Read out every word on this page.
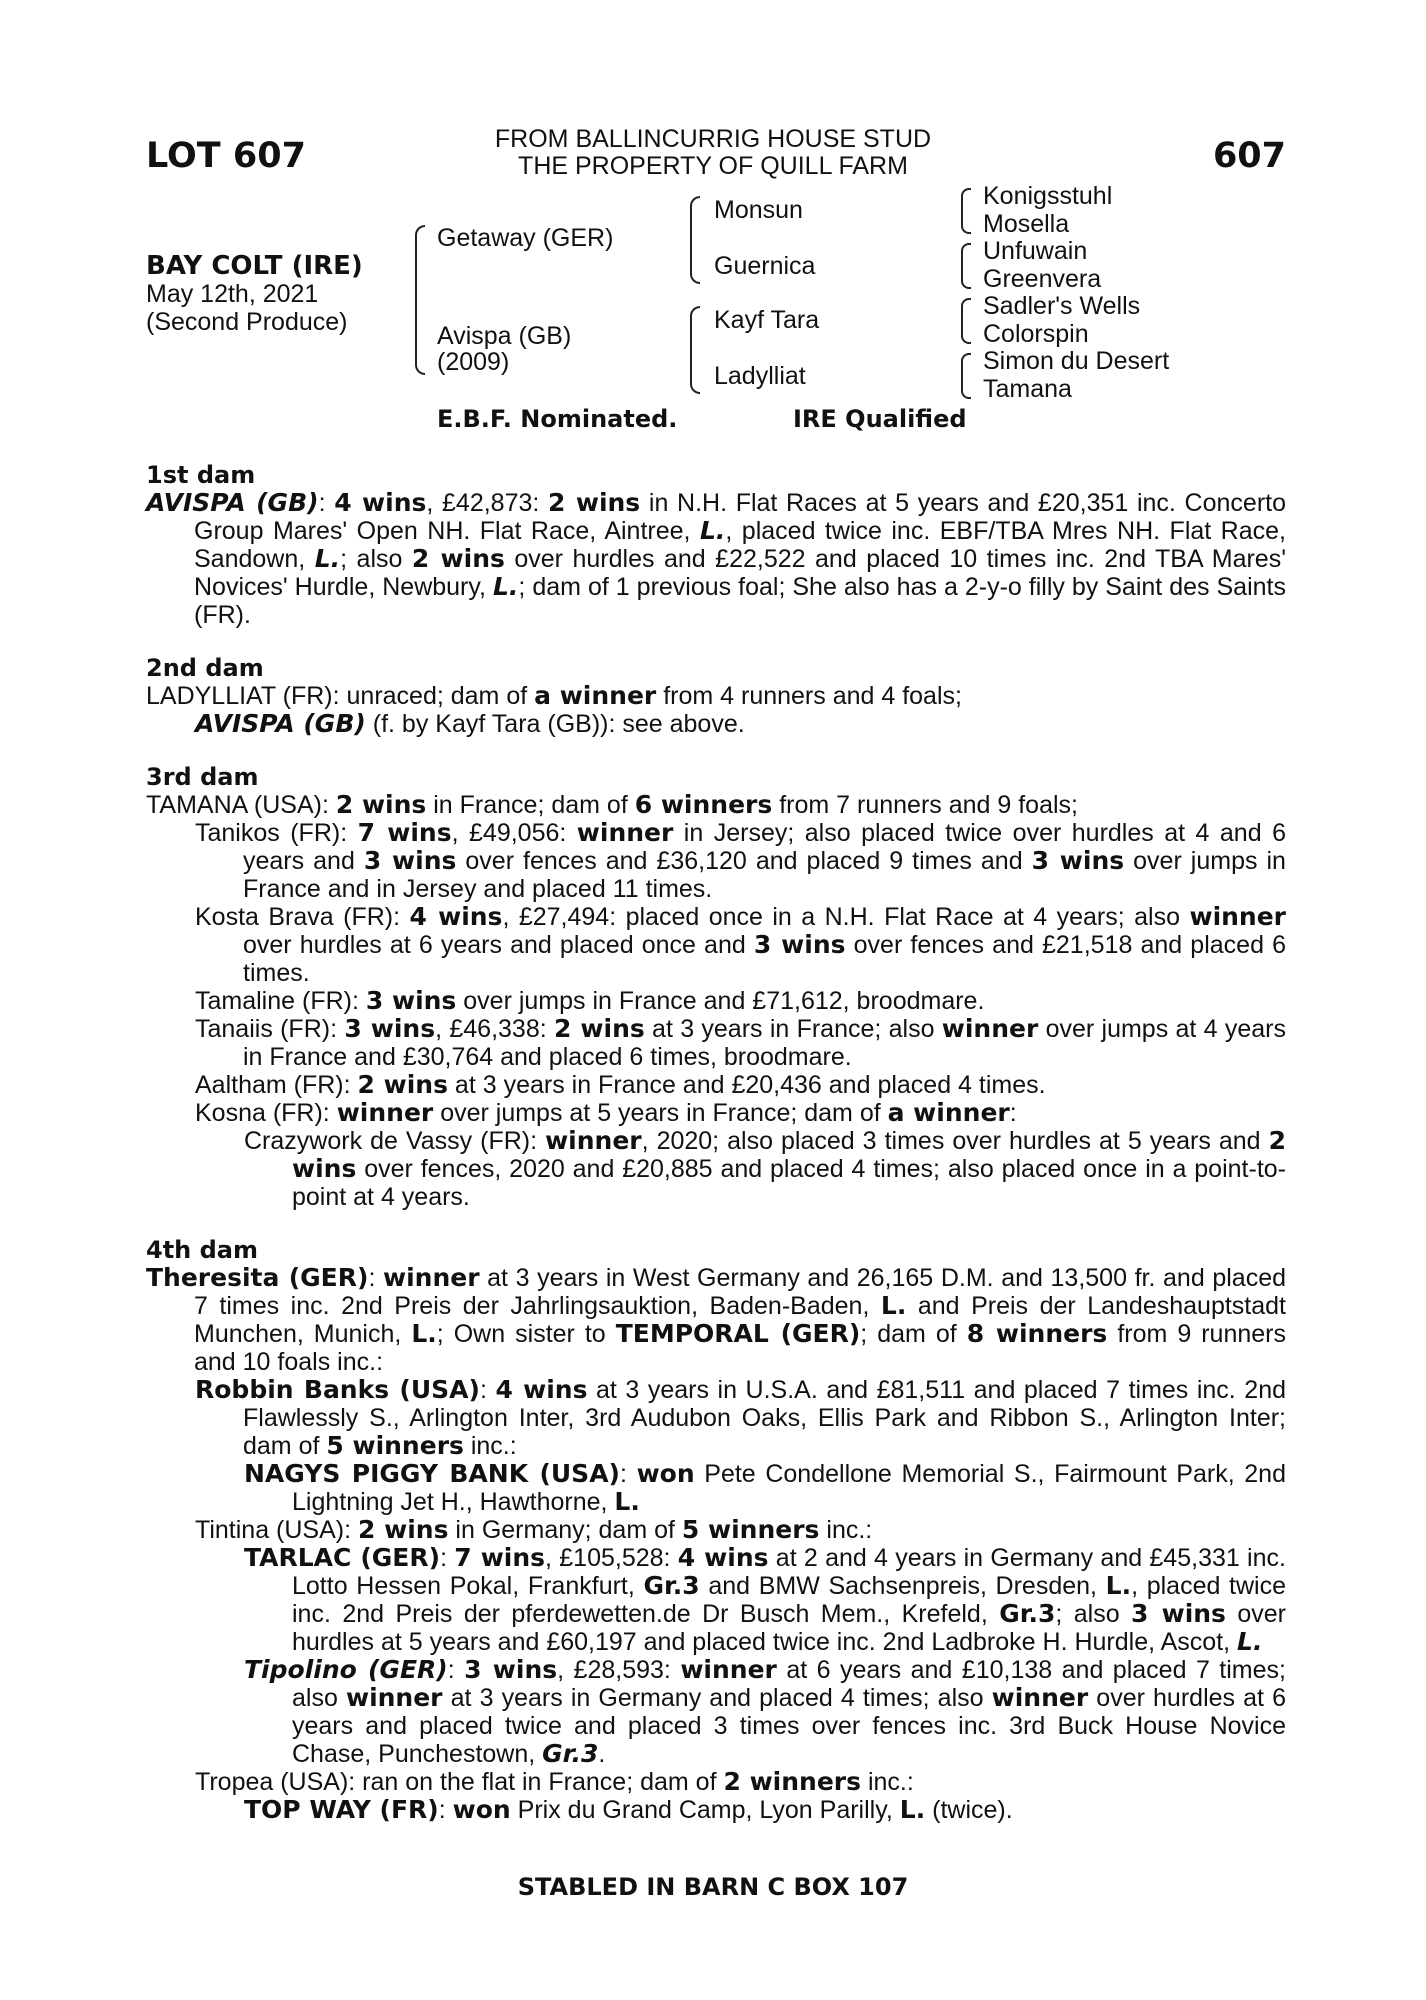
LOT 607	FROM BALLINCURRIG HOUSE STUD
THE PROPERTY OF QUILL FARM	607
BAY COLT (IRE)
May 12th, 2021
(Second Produce)
Getaway (GER)
Avispa (GB)
(2009)
Monsun
Guernica
Kayf Tara
Ladylliat
Konigsstuhl
Mosella
Unfuwain
Greenvera
Sadler's Wells
Colorspin
Simon du Desert
Tamana
E.B.F. Nominated.	IRE Qualified
1st dam
AVISPA (GB): 4 wins, £42,873: 2 wins in N.H. Flat Races at 5 years and £20,351 inc. Concerto Group Mares' Open NH. Flat Race, Aintree, L., placed twice inc. EBF/TBA Mres NH. Flat Race, Sandown, L.; also 2 wins over hurdles and £22,522 and placed 10 times inc. 2nd TBA Mares' Novices' Hurdle, Newbury, L.; dam of 1 previous foal; She also has a 2-y-o filly by Saint des Saints (FR).
2nd dam
LADYLLIAT (FR): unraced; dam of a winner from 4 runners and 4 foals;
AVISPA (GB) (f. by Kayf Tara (GB)): see above.
3rd dam
TAMANA (USA): 2 wins in France; dam of 6 winners from 7 runners and 9 foals;
Tanikos (FR): 7 wins, £49,056: winner in Jersey; also placed twice over hurdles at 4 and 6 years and 3 wins over fences and £36,120 and placed 9 times and 3 wins over jumps in France and in Jersey and placed 11 times.
Kosta Brava (FR): 4 wins, £27,494: placed once in a N.H. Flat Race at 4 years; also winner over hurdles at 6 years and placed once and 3 wins over fences and £21,518 and placed 6 times.
Tamaline (FR): 3 wins over jumps in France and £71,612, broodmare.
Tanaiis (FR): 3 wins, £46,338: 2 wins at 3 years in France; also winner over jumps at 4 years in France and £30,764 and placed 6 times, broodmare.
Aaltham (FR): 2 wins at 3 years in France and £20,436 and placed 4 times.
Kosna (FR): winner over jumps at 5 years in France; dam of a winner:
Crazywork de Vassy (FR): winner, 2020; also placed 3 times over hurdles at 5 years and 2 wins over fences, 2020 and £20,885 and placed 4 times; also placed once in a point-to-point at 4 years.
4th dam
Theresita (GER): winner at 3 years in West Germany and 26,165 D.M. and 13,500 fr. and placed 7 times inc. 2nd Preis der Jahrlingsauktion, Baden-Baden, L. and Preis der Landeshauptstadt Munchen, Munich, L.; Own sister to TEMPORAL (GER); dam of 8 winners from 9 runners and 10 foals inc.:
Robbin Banks (USA): 4 wins at 3 years in U.S.A. and £81,511 and placed 7 times inc. 2nd Flawlessly S., Arlington Inter, 3rd Audubon Oaks, Ellis Park and Ribbon S., Arlington Inter; dam of 5 winners inc.:
NAGYS PIGGY BANK (USA): won Pete Condellone Memorial S., Fairmount Park, 2nd Lightning Jet H., Hawthorne, L.
Tintina (USA): 2 wins in Germany; dam of 5 winners inc.:
TARLAC (GER): 7 wins, £105,528: 4 wins at 2 and 4 years in Germany and £45,331 inc. Lotto Hessen Pokal, Frankfurt, Gr.3 and BMW Sachsenpreis, Dresden, L., placed twice inc. 2nd Preis der pferdewetten.de Dr Busch Mem., Krefeld, Gr.3; also 3 wins over hurdles at 5 years and £60,197 and placed twice inc. 2nd Ladbroke H. Hurdle, Ascot, L.
Tipolino (GER): 3 wins, £28,593: winner at 6 years and £10,138 and placed 7 times; also winner at 3 years in Germany and placed 4 times; also winner over hurdles at 6 years and placed twice and placed 3 times over fences inc. 3rd Buck House Novice Chase, Punchestown, Gr.3.
Tropea (USA): ran on the flat in France; dam of 2 winners inc.:
TOP WAY (FR): won Prix du Grand Camp, Lyon Parilly, L. (twice).
STABLED IN BARN C BOX 107
